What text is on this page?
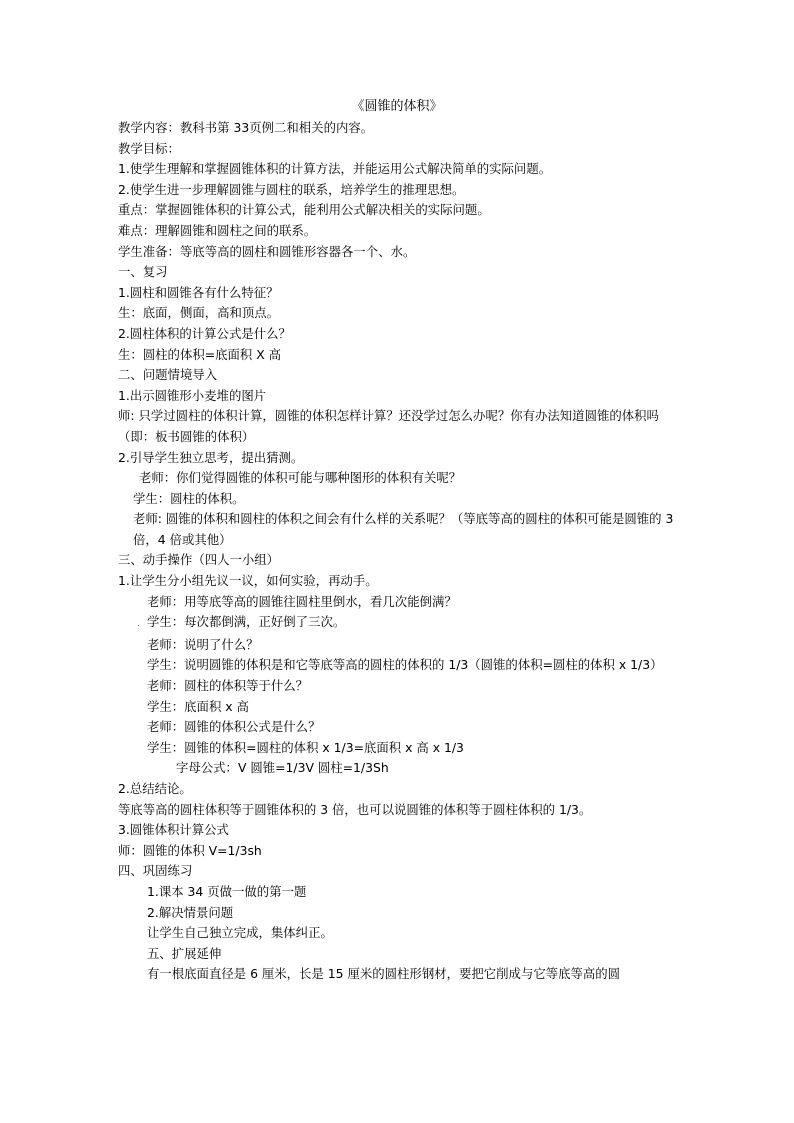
《圆锥的体积》

教学内容：教科书第 33页例二和相关的内容。

教学目标：

1.使学生理解和掌握圆锥体积的计算方法，并能运用公式解决简单的实际问题。

2.使学生进一步理解圆锥与圆柱的联系，培养学生的推理思想。

重点：掌握圆锥体积的计算公式，能利用公式解决相关的实际问题。

难点：理解圆锥和圆柱之间的联系。

学生准备：等底等高的圆柱和圆锥形容器各一个、水。

一、复习

1.圆柱和圆锥各有什么特征？

生：底面，侧面，高和顶点。

2.圆柱体积的计算公式是什么？

生：圆柱的体积=底面积 X 高

二、问题情境导入

1.出示圆锥形小麦堆的图片

师: 只学过圆柱的体积计算，圆锥的体积怎样计算？还没学过怎么办呢？你有办法知道圆锥的体积吗（即：板书圆锥的体积）

2.引导学生独立思考，提出猜测。

老师：你们觉得圆锥的体积可能与哪种图形的体积有关呢？

学生：圆柱的体积。

老师: 圆锥的体积和圆柱的体积之间会有什么样的关系呢？（等底等高的圆柱的体积可能是圆锥的 3 倍，4 倍或其他）

三、动手操作（四人一小组）

1.让学生分小组先议一议，如何实验，再动手。

老师：用等底等高的圆锥往圆柱里倒水，看几次能倒满？

. 学生：每次都倒满，正好倒了三次。

老师：说明了什么？

学生：说明圆锥的体积是和它等底等高的圆柱的体积的 1/3（圆锥的体积=圆柱的体积 x 1/3）

老师：圆柱的体积等于什么？

学生：底面积 x 高

老师：圆锥的体积公式是什么？

学生：圆锥的体积=圆柱的体积 x 1/3=底面积 x 高 x 1/3

字母公式：V 圆锥=1/3V 圆柱=1/3Sh

2.总结结论。

等底等高的圆柱体积等于圆锥体积的 3 倍，也可以说圆锥的体积等于圆柱体积的 1/3。

3.圆锥体积计算公式

师：圆锥的体积 V=1/3sh

四、巩固练习

1.课本 34 页做一做的第一题

2.解决情景问题

让学生自己独立完成，集体纠正。

五、扩展延伸

有一根底面直径是 6 厘米，长是 15 厘米的圆柱形钢材，要把它削成与它等底等高的圆
